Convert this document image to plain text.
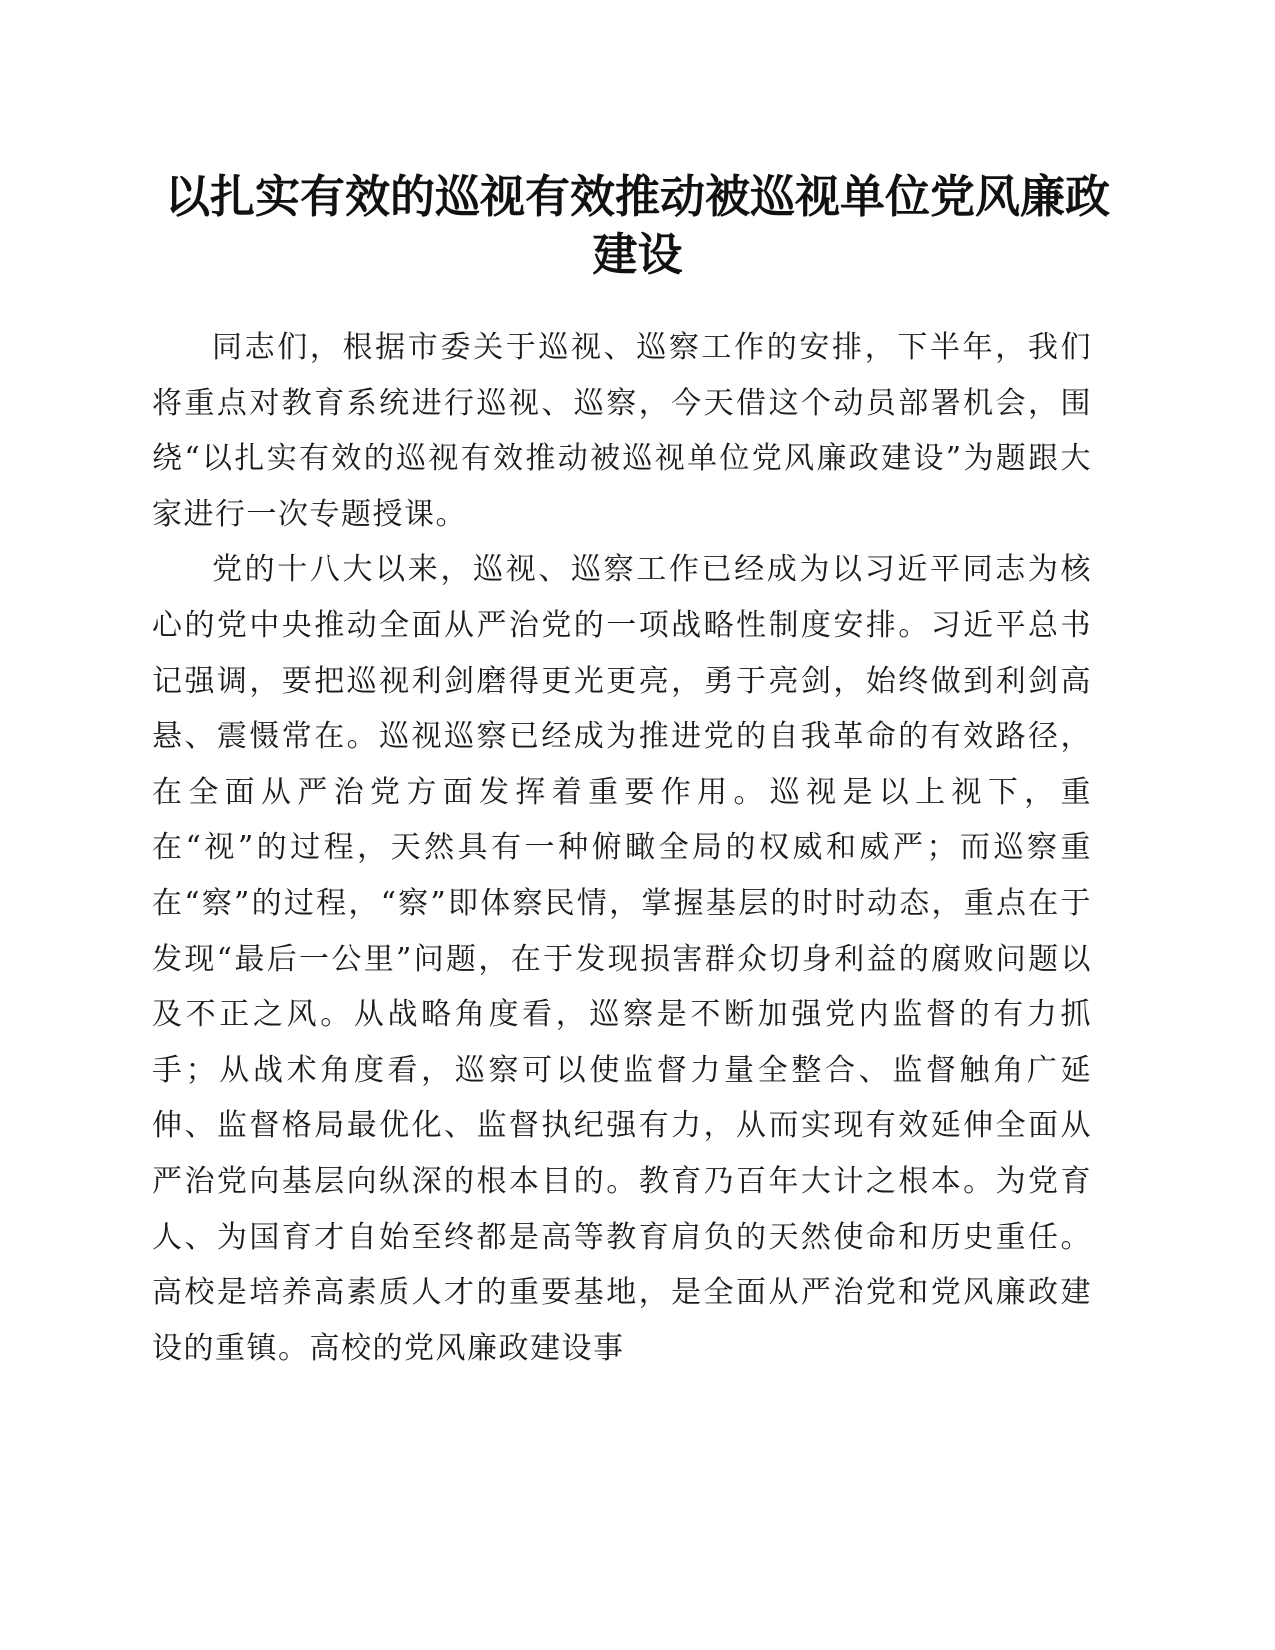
以扎实有效的巡视有效推动被巡视单位党风廉政建设

同志们，根据市委关于巡视、巡察工作的安排，下半年，我们将重点对教育系统进行巡视、巡察，今天借这个动员部署机会，围绕“以扎实有效的巡视有效推动被巡视单位党风廉政建设”为题跟大家进行一次专题授课。

党的十八大以来，巡视、巡察工作已经成为以习近平同志为核心的党中央推动全面从严治党的一项战略性制度安排。习近平总书记强调，要把巡视利剑磨得更光更亮，勇于亮剑，始终做到利剑高悬、震慑常在。巡视巡察已经成为推进党的自我革命的有效路径，在全面从严治党方面发挥着重要作用。巡视是以上视下，重在“视”的过程，天然具有一种俯瞰全局的权威和威严；而巡察重在“察”的过程，“察”即体察民情，掌握基层的时时动态，重点在于发现“最后一公里”问题，在于发现损害群众切身利益的腐败问题以及不正之风。从战略角度看，巡察是不断加强党内监督的有力抓手；从战术角度看，巡察可以使监督力量全整合、监督触角广延伸、监督格局最优化、监督执纪强有力，从而实现有效延伸全面从严治党向基层向纵深的根本目的。教育乃百年大计之根本。为党育人、为国育才自始至终都是高等教育肩负的天然使命和历史重任。高校是培养高素质人才的重要基地，是全面从严治党和党风廉政建设的重镇。高校的党风廉政建设事
